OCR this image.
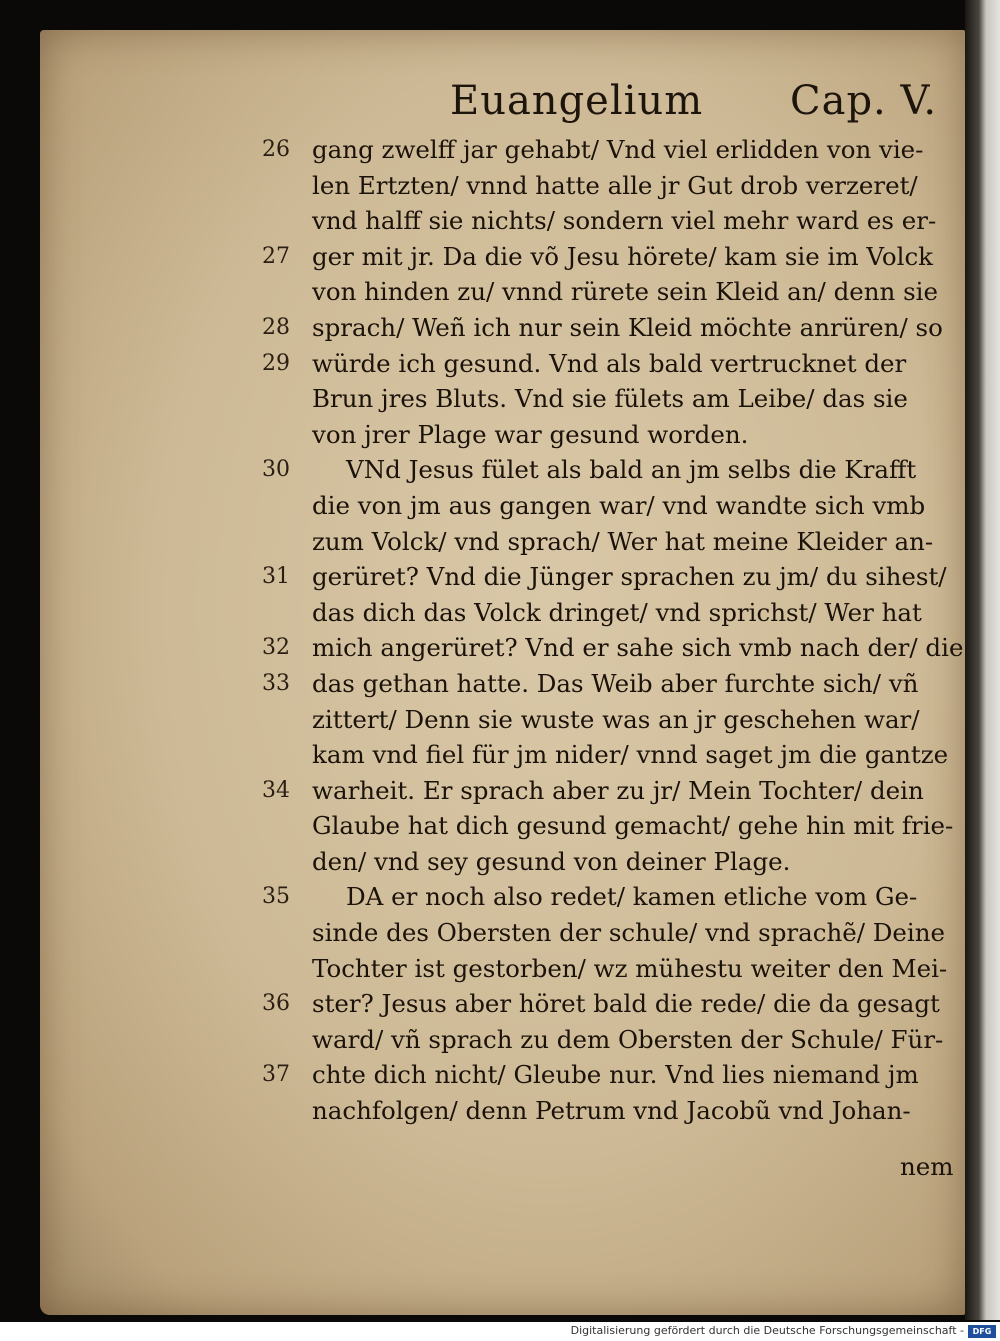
Euangelium Cap. V.
26 gang zwelff jar gehabt/ Vnd viel erlidden von vie-
len Ertzten/ vnnd hatte alle jr Gut drob verzeret/
vnd halff sie nichts/ sondern viel mehr ward es er-
27 ger mit jr. Da die võ Jesu hörete/ kam sie im Volck
von hinden zu/ vnnd rürete sein Kleid an/ denn sie
28 sprach/ Weñ ich nur sein Kleid möchte anrüren/ so
29 würde ich gesund. Vnd als bald vertrucknet der
Brun jres Bluts. Vnd sie fülets am Leibe/ das sie
von jrer Plage war gesund worden.
30	VNd Jesus fület als bald an jm selbs die Krafft
die von jm aus gangen war/ vnd wandte sich vmb
zum Volck/ vnd sprach/ Wer hat meine Kleider an-
31 gerüret? Vnd die Jünger sprachen zu jm/ du sihest/
das dich das Volck dringet/ vnd sprichst/ Wer hat
32 mich angerüret? Vnd er sahe sich vmb nach der/ die
33 das gethan hatte. Das Weib aber furchte sich/ vñ
zittert/ Denn sie wuste was an jr geschehen war/
kam vnd fiel für jm nider/ vnnd saget jm die gantze
34 warheit. Er sprach aber zu jr/ Mein Tochter/ dein
Glaube hat dich gesund gemacht/ gehe hin mit frie-
den/ vnd sey gesund von deiner Plage.
35	DA er noch also redet/ kamen etliche vom Ge-
sinde des Obersten der schule/ vnd sprachẽ/ Deine
Tochter ist gestorben/ wz mühestu weiter den Mei-
36 ster? Jesus aber höret bald die rede/ die da gesagt
ward/ vñ sprach zu dem Obersten der Schule/ Für-
37 chte dich nicht/ Gleube nur. Vnd lies niemand jm
nachfolgen/ denn Petrum vnd Jacobũ vnd Johan-
nem
Digitalisierung gefördert durch die Deutsche Forschungsgemeinschaft -	DFG
